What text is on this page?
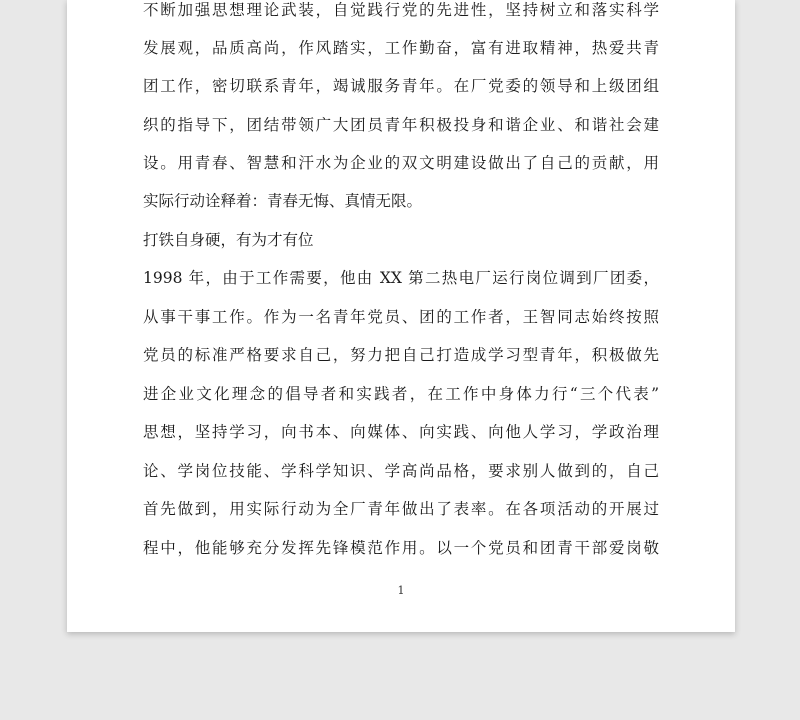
不断加强思想理论武装，自觉践行党的先进性，坚持树立和落实科学
发展观，品质高尚，作风踏实，工作勤奋，富有进取精神，热爱共青
团工作，密切联系青年，竭诚服务青年。在厂党委的领导和上级团组
织的指导下，团结带领广大团员青年积极投身和谐企业、和谐社会建
设。用青春、智慧和汗水为企业的双文明建设做出了自己的贡献，用
实际行动诠释着：青春无悔、真情无限。
打铁自身硬，有为才有位
1998 年，由于工作需要，他由 XX 第二热电厂运行岗位调到厂团委，
从事干事工作。作为一名青年党员、团的工作者，王智同志始终按照
党员的标准严格要求自己，努力把自己打造成学习型青年，积极做先
进企业文化理念的倡导者和实践者，在工作中身体力行“三个代表”
思想，坚持学习，向书本、向媒体、向实践、向他人学习，学政治理
论、学岗位技能、学科学知识、学高尚品格，要求别人做到的，自己
首先做到，用实际行动为全厂青年做出了表率。在各项活动的开展过
程中，他能够充分发挥先锋模范作用。以一个党员和团青干部爱岗敬
1
